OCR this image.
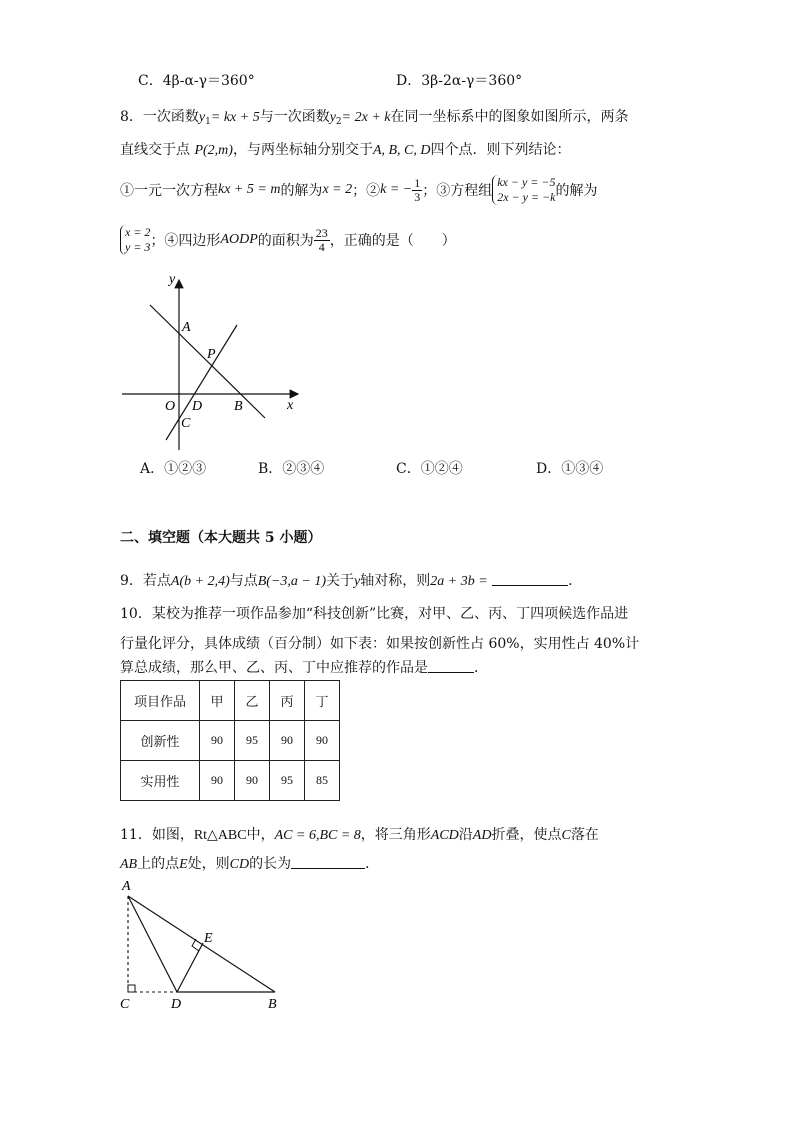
C．4β-α-γ＝360°	D．3β-2α-γ＝360°
8．一次函数$y_1=$ kx + 5与一次函数$y_2= 2x + k$在同一坐标系中的图象如图所示，两条
直线交于点 P(2,m)，与两坐标轴分别交于A, B, C, D四个点．则下列结论：
①一元一次方程 kx + 5 = m 的解为 x = 2 ；② k = − $\frac{1}{3}$ ；③方程组
kx − y = −5
2x − y = −k 的解为
x = 2
y = 3 ；④四边形 AODP 的面积为 $\frac{23}{4}$ ，正确的是（　　）
y
x
A
P
O D B
C
A．①②③	B．②③④	C．①②④	D．①③④
二、填空题（本大题共 5 小题）
9．若点A(b + 2,4)与点B(−3,a − 1)关于y轴对称，则2a + 3b =	．
10．某校为推荐一项作品参加“科技创新”比赛，对甲、乙、丙、丁四项候选作品进
行量化评分，具体成绩（百分制）如下表：如果按创新性占 60%，实用性占 40%计
算总成绩，那么甲、乙、丙、丁中应推荐的作品是	．
项目作品	甲	乙	丙	丁
创新性	90	95	90	90
实用性	90	90	95	85
11．如图，Rt△ABC中，AC = 6,BC = 8，将三角形ACD沿AD折叠，使点C落在
AB上的点E处，则CD的长为	．
A
E
C	D	B
